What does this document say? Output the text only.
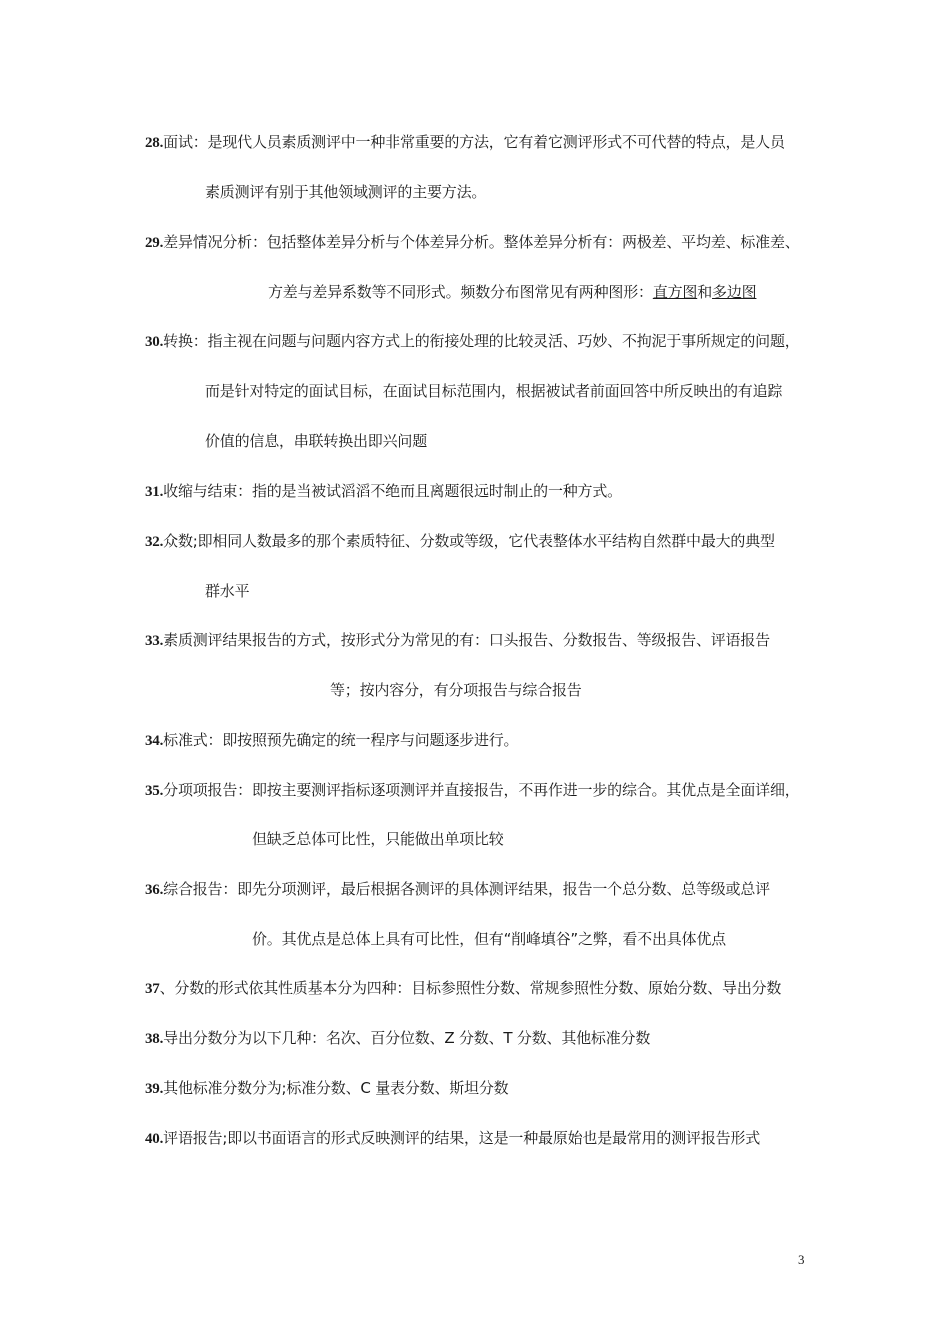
28.面试：是现代人员素质测评中一种非常重要的方法，它有着它测评形式不可代替的特点，是人员
素质测评有别于其他领域测评的主要方法。
29.差异情况分析：包括整体差异分析与个体差异分析。整体差异分析有：两极差、平均差、标准差、
方差与差异系数等不同形式。频数分布图常见有两种图形：直方图和多边图
30.转换：指主视在问题与问题内容方式上的衔接处理的比较灵活、巧妙、不拘泥于事所规定的问题，
而是针对特定的面试目标，在面试目标范围内，根据被试者前面回答中所反映出的有追踪
价值的信息，串联转换出即兴问题
31.收缩与结束：指的是当被试滔滔不绝而且离题很远时制止的一种方式。
32.众数;即相同人数最多的那个素质特征、分数或等级，它代表整体水平结构自然群中最大的典型
群水平
33.素质测评结果报告的方式，按形式分为常见的有：口头报告、分数报告、等级报告、评语报告
等；按内容分，有分项报告与综合报告
34.标准式：即按照预先确定的统一程序与问题逐步进行。
35.分项项报告：即按主要测评指标逐项测评并直接报告，不再作进一步的综合。其优点是全面详细，
但缺乏总体可比性，只能做出单项比较
36.综合报告：即先分项测评，最后根据各测评的具体测评结果，报告一个总分数、总等级或总评
价。其优点是总体上具有可比性，但有“削峰填谷”之弊，看不出具体优点
37、分数的形式依其性质基本分为四种：目标参照性分数、常规参照性分数、原始分数、导出分数
38.导出分数分为以下几种：名次、百分位数、Z 分数、T 分数、其他标准分数
39.其他标准分数分为;标准分数、C 量表分数、斯坦分数
40.评语报告;即以书面语言的形式反映测评的结果，这是一种最原始也是最常用的测评报告形式
3
